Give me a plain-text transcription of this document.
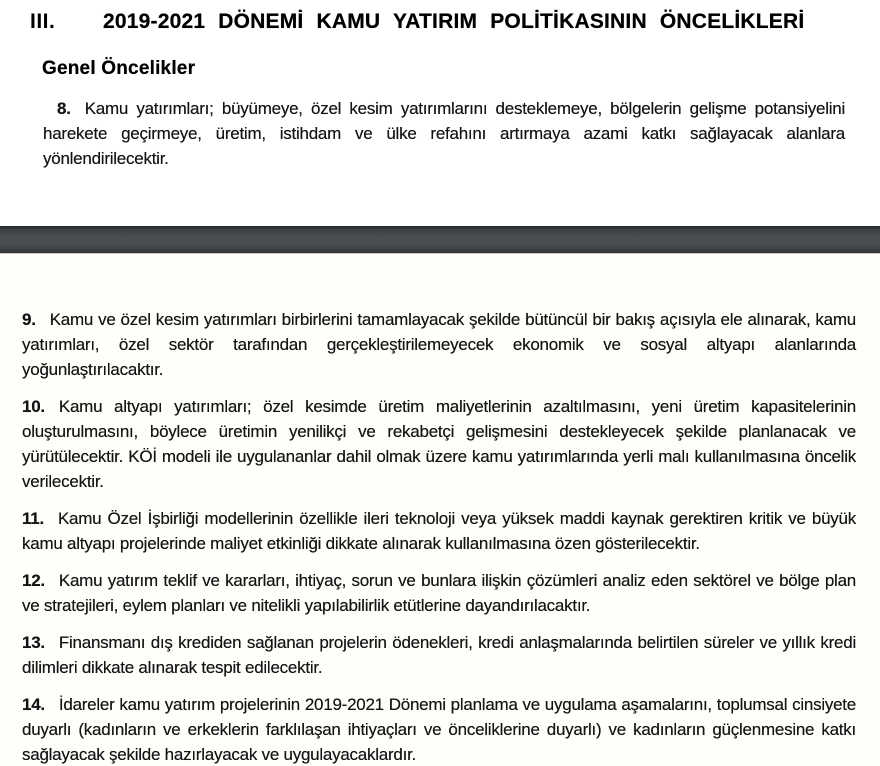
III.	2019-2021 DÖNEMİ KAMU YATIRIM POLİTİKASININ ÖNCELİKLERİ
Genel Öncelikler

8. Kamu yatırımları; büyümeye, özel kesim yatırımlarını desteklemeye, bölgelerin gelişme potansiyelini harekete geçirmeye, üretim, istihdam ve ülke refahını artırmaya azami katkı sağlayacak alanlara yönlendirilecektir.

9. Kamu ve özel kesim yatırımları birbirlerini tamamlayacak şekilde bütüncül bir bakış açısıyla ele alınarak, kamu yatırımları, özel sektör tarafından gerçekleştirilemeyecek ekonomik ve sosyal altyapı alanlarında yoğunlaştırılacaktır.

10. Kamu altyapı yatırımları; özel kesimde üretim maliyetlerinin azaltılmasını, yeni üretim kapasitelerinin oluşturulmasını, böylece üretimin yenilikçi ve rekabetçi gelişmesini destekleyecek şekilde planlanacak ve yürütülecektir. KÖİ modeli ile uygulananlar dahil olmak üzere kamu yatırımlarında yerli malı kullanılmasına öncelik verilecektir.

11. Kamu Özel İşbirliği modellerinin özellikle ileri teknoloji veya yüksek maddi kaynak gerektiren kritik ve büyük kamu altyapı projelerinde maliyet etkinliği dikkate alınarak kullanılmasına özen gösterilecektir.

12. Kamu yatırım teklif ve kararları, ihtiyaç, sorun ve bunlara ilişkin çözümleri analiz eden sektörel ve bölge plan ve stratejileri, eylem planları ve nitelikli yapılabilirlik etütlerine dayandırılacaktır.

13. Finansmanı dış krediden sağlanan projelerin ödenekleri, kredi anlaşmalarında belirtilen süreler ve yıllık kredi dilimleri dikkate alınarak tespit edilecektir.

14. İdareler kamu yatırım projelerinin 2019-2021 Dönemi planlama ve uygulama aşamalarını, toplumsal cinsiyete duyarlı (kadınların ve erkeklerin farklılaşan ihtiyaçları ve önceliklerine duyarlı) ve kadınların güçlenmesine katkı sağlayacak şekilde hazırlayacak ve uygulayacaklardır.
